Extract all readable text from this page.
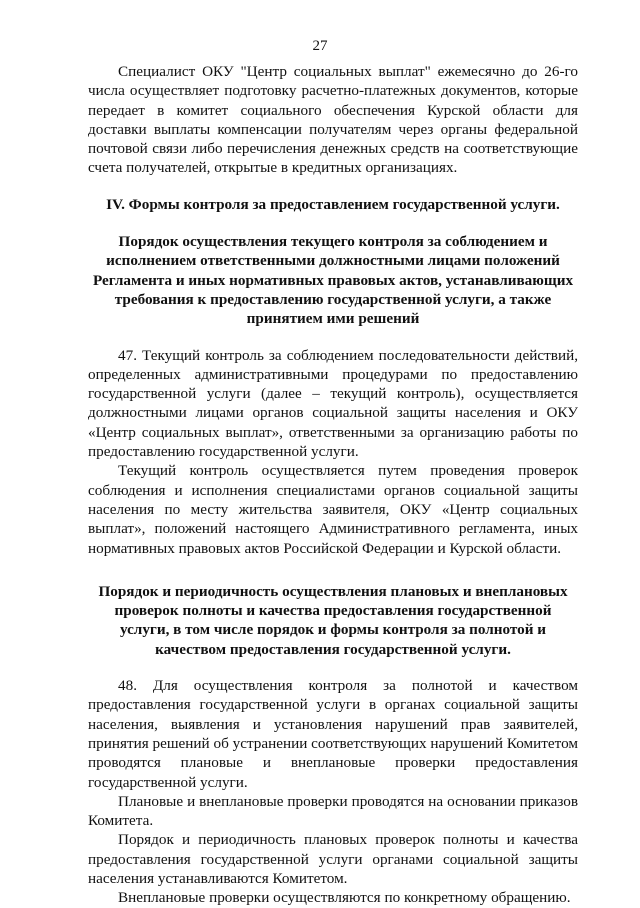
27

Специалист ОКУ "Центр социальных выплат" ежемесячно до 26-го числа осуществляет подготовку расчетно-платежных документов, которые передает в комитет социального обеспечения Курской области для доставки выплаты компенсации получателям через органы федеральной почтовой связи либо перечисления денежных средств на соответствующие счета получателей, открытые в кредитных организациях.

IV. Формы контроля за предоставлением государственной услуги.

Порядок осуществления текущего контроля за соблюдением и исполнением ответственными должностными лицами положений Регламента и иных нормативных правовых актов, устанавливающих требования к предоставлению государственной услуги, а также принятием ими решений

47. Текущий контроль за соблюдением последовательности действий, определенных административными процедурами по предоставлению государственной услуги (далее – текущий контроль), осуществляется должностными лицами органов социальной защиты населения и ОКУ «Центр социальных выплат», ответственными за организацию работы по предоставлению государственной услуги.

Текущий контроль осуществляется путем проведения проверок соблюдения и исполнения специалистами органов социальной защиты населения по месту жительства заявителя, ОКУ «Центр социальных выплат», положений настоящего Административного регламента, иных нормативных правовых актов Российской Федерации и Курской области.

Порядок и периодичность осуществления плановых и внеплановых проверок полноты и качества предоставления государственной услуги, в том числе порядок и формы контроля за полнотой и качеством предоставления государственной услуги.

48. Для осуществления контроля за полнотой и качеством предоставления государственной услуги в органах социальной защиты населения, выявления и установления нарушений прав заявителей, принятия решений об устранении соответствующих нарушений Комитетом проводятся плановые и внеплановые проверки предоставления государственной услуги.

Плановые и внеплановые проверки проводятся на основании приказов Комитета.

Порядок и периодичность плановых проверок полноты и качества предоставления государственной услуги органами социальной защиты населения устанавливаются Комитетом.

Внеплановые проверки осуществляются по конкретному обращению.
